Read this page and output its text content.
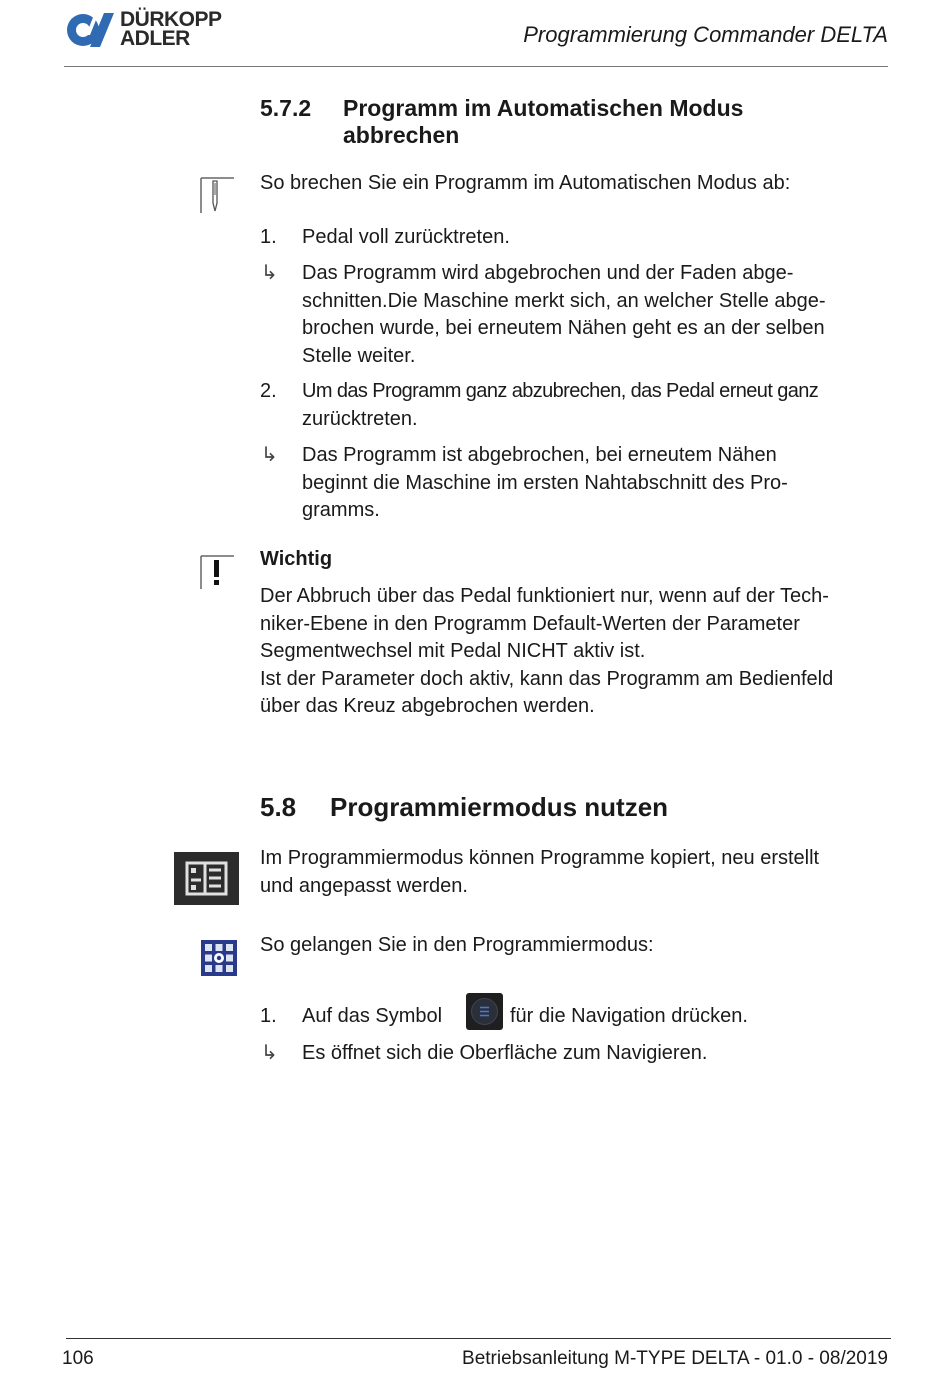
DÜRKOPP
ADLER	Programmierung Commander DELTA
5.7.2 Programm im Automatischen Modus
abbrechen
So brechen Sie ein Programm im Automatischen Modus ab:
1. Pedal voll zurücktreten.
↳ Das Programm wird abgebrochen und der Faden abge-
schnitten.Die Maschine merkt sich, an welcher Stelle abge-
brochen wurde, bei erneutem Nähen geht es an der selben
Stelle weiter.
2. Um das Programm ganz abzubrechen, das Pedal erneut ganz
zurücktreten.
↳ Das Programm ist abgebrochen, bei erneutem Nähen
beginnt die Maschine im ersten Nahtabschnitt des Pro-
gramms.
Wichtig
Der Abbruch über das Pedal funktioniert nur, wenn auf der Tech-
niker-Ebene in den Programm Default-Werten der Parameter
Segmentwechsel mit Pedal NICHT aktiv ist.
Ist der Parameter doch aktiv, kann das Programm am Bedienfeld
über das Kreuz abgebrochen werden.
5.8 Programmiermodus nutzen
Im Programmiermodus können Programme kopiert, neu erstellt
und angepasst werden.
So gelangen Sie in den Programmiermodus:
1. Auf das Symbol	für die Navigation drücken.
↳ Es öffnet sich die Oberfläche zum Navigieren.
106	Betriebsanleitung M-TYPE DELTA - 01.0 - 08/2019
